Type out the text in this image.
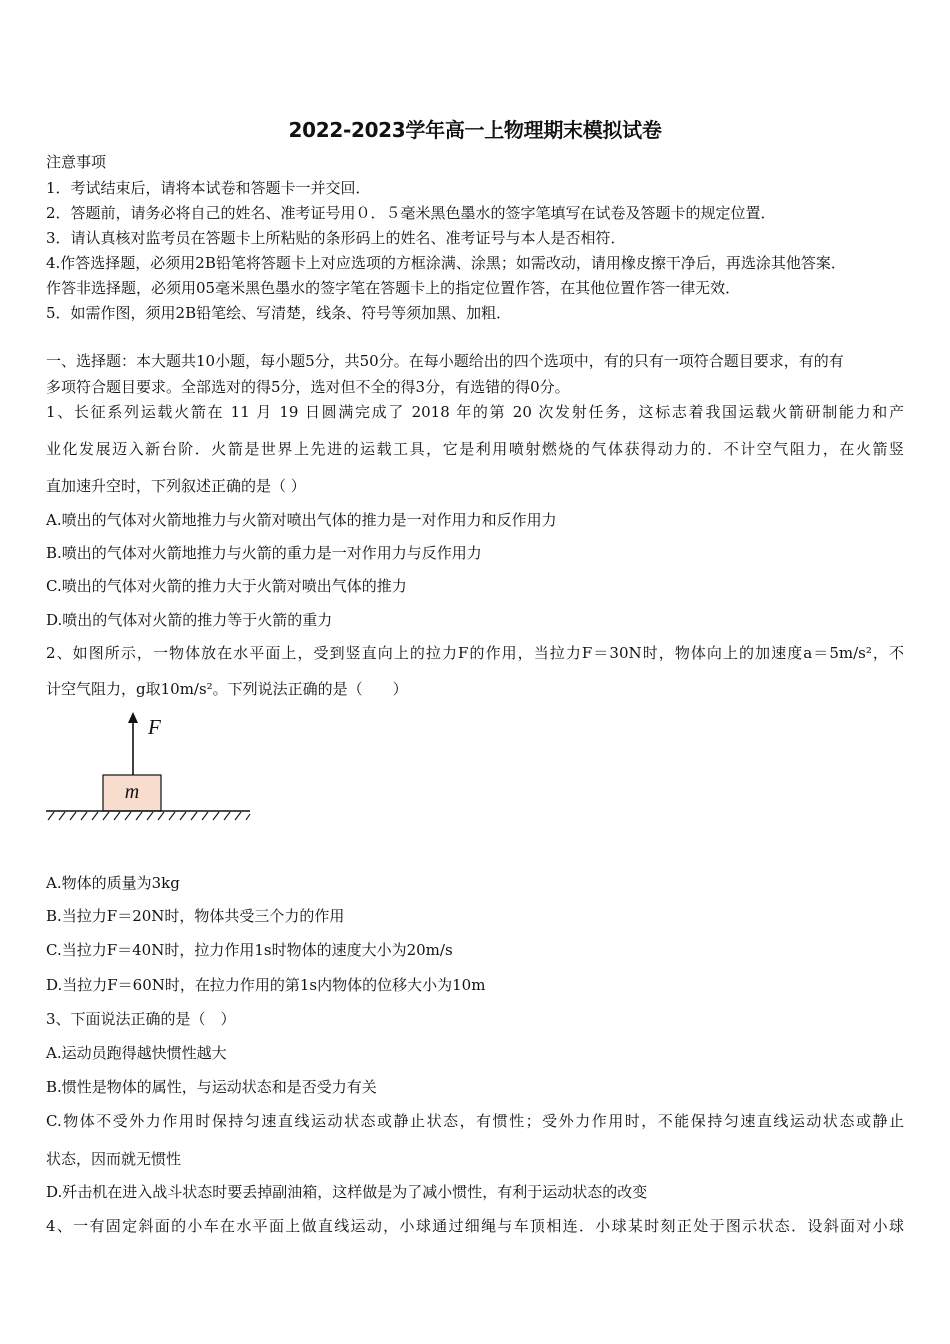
2022-2023学年高一上物理期末模拟试卷
注意事项
1．考试结束后，请将本试卷和答题卡一并交回．
2．答题前，请务必将自己的姓名、准考证号用０．５毫米黑色墨水的签字笔填写在试卷及答题卡的规定位置．
3．请认真核对监考员在答题卡上所粘贴的条形码上的姓名、准考证号与本人是否相符．
4.作答选择题，必须用2B铅笔将答题卡上对应选项的方框涂满、涂黑；如需改动，请用橡皮擦干净后，再选涂其他答案．
作答非选择题，必须用05毫米黑色墨水的签字笔在答题卡上的指定位置作答，在其他位置作答一律无效．
5．如需作图，须用2B铅笔绘、写清楚，线条、符号等须加黑、加粗．
一、选择题：本大题共10小题，每小题5分，共50分。在每小题给出的四个选项中，有的只有一项符合题目要求，有的有
多项符合题目要求。全部选对的得5分，选对但不全的得3分，有选错的得0分。
1、长征系列运载火箭在 11 月 19 日圆满完成了 2018 年的第 20 次发射任务，这标志着我国运载火箭研制能力和产
业化发展迈入新台阶．火箭是世界上先进的运载工具，它是利用喷射燃烧的气体获得动力的．不计空气阻力，在火箭竖
直加速升空时，下列叙述正确的是（ ）
A.喷出的气体对火箭地推力与火箭对喷出气体的推力是一对作用力和反作用力
B.喷出的气体对火箭地推力与火箭的重力是一对作用力与反作用力
C.喷出的气体对火箭的推力大于火箭对喷出气体的推力
D.喷出的气体对火箭的推力等于火箭的重力
2、如图所示，一物体放在水平面上，受到竖直向上的拉力F的作用，当拉力F＝30N时，物体向上的加速度a＝5m/s²，不
计空气阻力，g取10m/s²。下列说法正确的是（　　）
F
m
A.物体的质量为3kg
B.当拉力F＝20N时，物体共受三个力的作用
C.当拉力F＝40N时，拉力作用1s时物体的速度大小为20m/s
D.当拉力F＝60N时，在拉力作用的第1s内物体的位移大小为10m
3、下面说法正确的是（　）
A.运动员跑得越快惯性越大
B.惯性是物体的属性，与运动状态和是否受力有关
C.物体不受外力作用时保持匀速直线运动状态或静止状态，有惯性；受外力作用时，不能保持匀速直线运动状态或静止
状态，因而就无惯性
D.歼击机在进入战斗状态时要丢掉副油箱，这样做是为了减小惯性，有利于运动状态的改变
4、一有固定斜面的小车在水平面上做直线运动，小球通过细绳与车顶相连．小球某时刻正处于图示状态．设斜面对小球
